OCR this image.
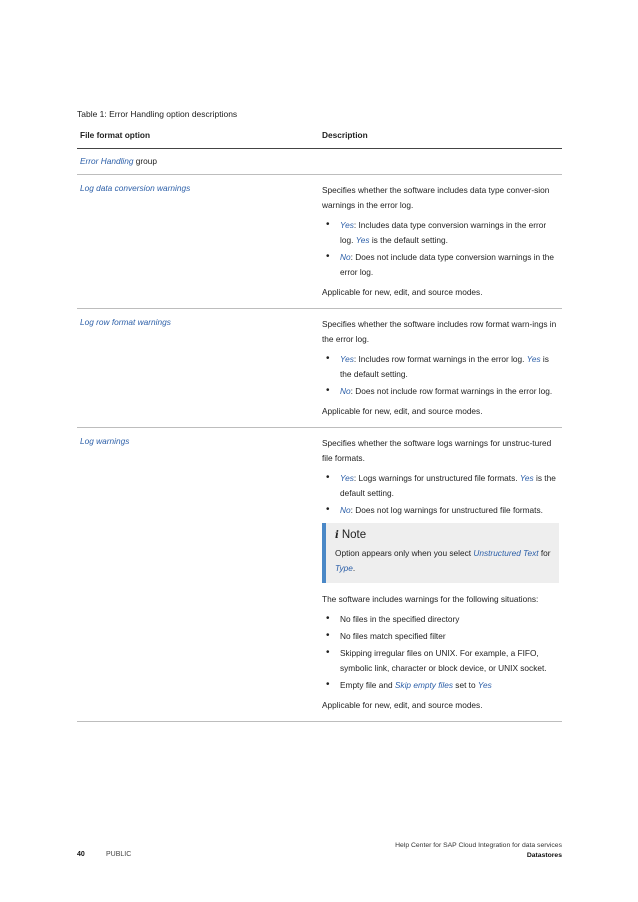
Table 1: Error Handling option descriptions
File format option	Description
Error Handling group
Log data conversion warnings	Specifies whether the software includes data type conver-sion warnings in the error log.

• Yes: Includes data type conversion warnings in the error log. Yes is the default setting.
• No: Does not include data type conversion warnings in the error log.

Applicable for new, edit, and source modes.

Log row format warnings	Specifies whether the software includes row format warn-ings in the error log.

• Yes: Includes row format warnings in the error log. Yes is the default setting.
• No: Does not include row format warnings in the error log.

Applicable for new, edit, and source modes.

Log warnings	Specifies whether the software logs warnings for unstruc-tured file formats.

• Yes: Logs warnings for unstructured file formats. Yes is the default setting.
• No: Does not log warnings for unstructured file formats.
i Note
Option appears only when you select Unstructured Text for Type.

The software includes warnings for the following situations:

• No files in the specified directory
• No files match specified filter
• Skipping irregular files on UNIX. For example, a FIFO, symbolic link, character or block device, or UNIX socket.
• Empty file and Skip empty files set to Yes

Applicable for new, edit, and source modes.

Help Center for SAP Cloud Integration for data services
Datastores
40	PUBLIC
